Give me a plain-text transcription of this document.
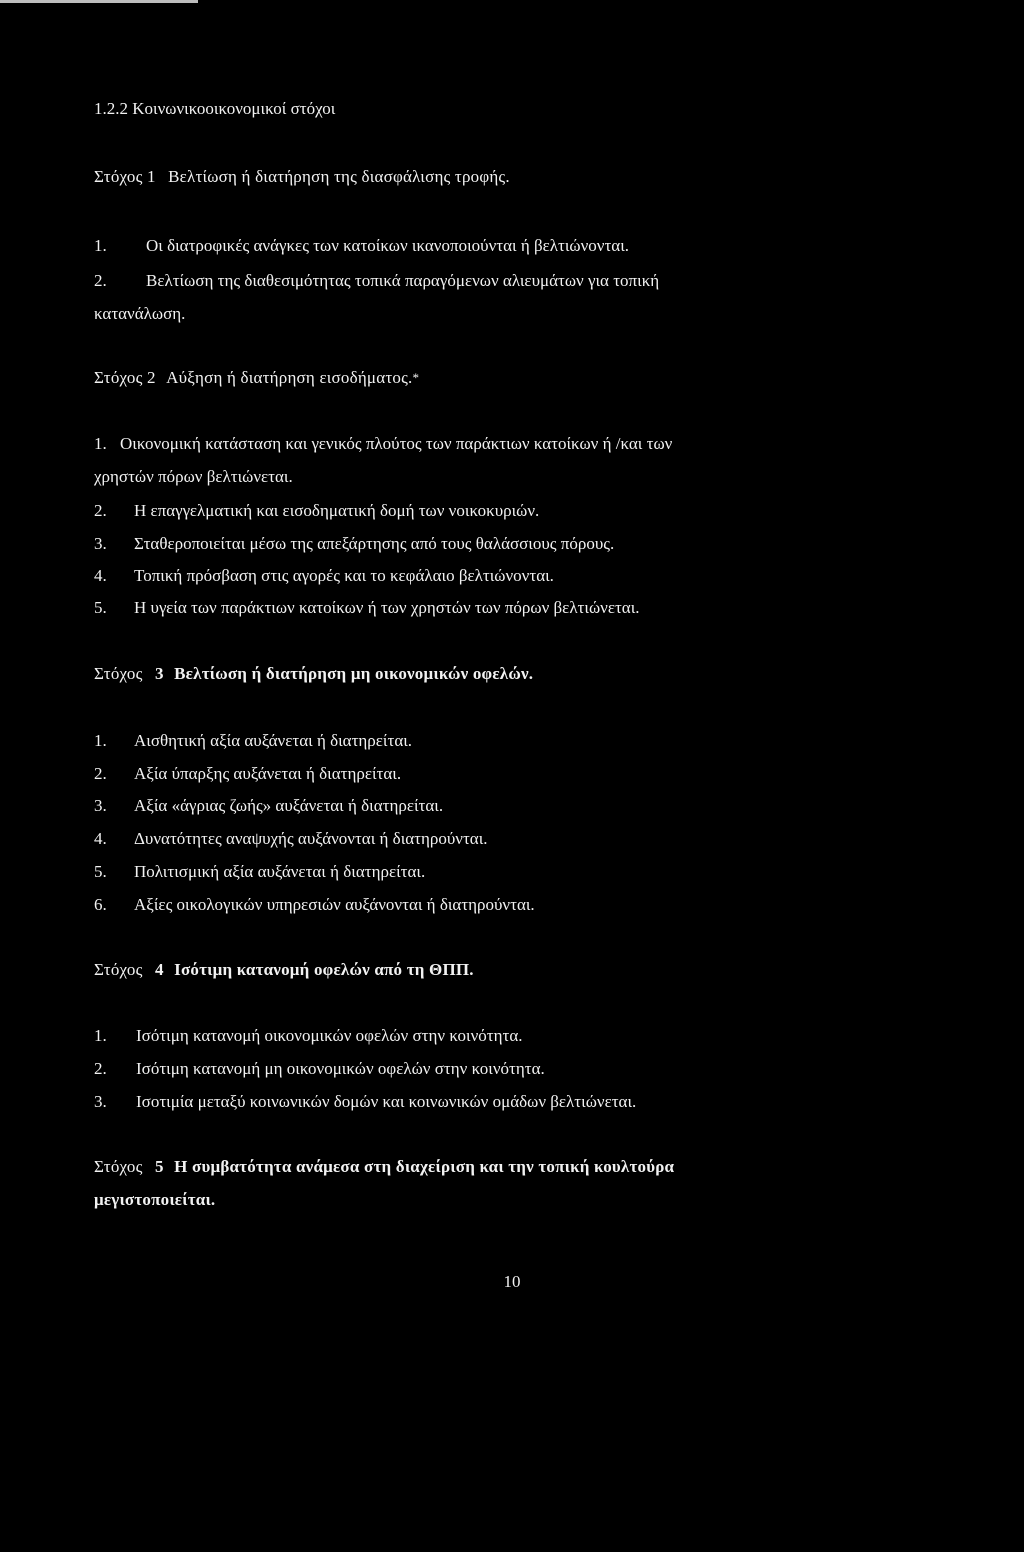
1.2.2 Κοινωνικοοικονομικοί στόχοι
Στόχος 1 Βελτίωση ή διατήρηση της διασφάλισης τροφής.
1. Οι διατροφικές ανάγκες των κατοίκων ικανοποιούνται ή βελτιώνονται.
2. Βελτίωση της διαθεσιμότητας τοπικά παραγόμενων αλιευμάτων για τοπική
κατανάλωση.
Στόχος 2 Αύξηση ή διατήρηση εισοδήματος.*
1. Οικονομική κατάσταση και γενικός πλούτος των παράκτιων κατοίκων ή /και των
χρηστών πόρων βελτιώνεται.
2. Η επαγγελματική και εισοδηματική δομή των νοικοκυριών.
3. Σταθεροποιείται μέσω της απεξάρτησης από τους θαλάσσιους πόρους.
4. Τοπική πρόσβαση στις αγορές και το κεφάλαιο βελτιώνονται.
5. Η υγεία των παράκτιων κατοίκων ή των χρηστών των πόρων βελτιώνεται.
Στόχος 3 Βελτίωση ή διατήρηση μη οικονομικών οφελών.
1. Αισθητική αξία αυξάνεται ή διατηρείται.
2. Αξία ύπαρξης αυξάνεται ή διατηρείται.
3. Αξία «άγριας ζωής» αυξάνεται ή διατηρείται.
4. Δυνατότητες αναψυχής αυξάνονται ή διατηρούνται.
5. Πολιτισμική αξία αυξάνεται ή διατηρείται.
6. Αξίες οικολογικών υπηρεσιών αυξάνονται ή διατηρούνται.
Στόχος 4 Ισότιμη κατανομή οφελών από τη ΘΠΠ.
1. Ισότιμη κατανομή οικονομικών οφελών στην κοινότητα.
2. Ισότιμη κατανομή μη οικονομικών οφελών στην κοινότητα.
3. Ισοτιμία μεταξύ κοινωνικών δομών και κοινωνικών ομάδων βελτιώνεται.
Στόχος 5 Η συμβατότητα ανάμεσα στη διαχείριση και την τοπική κουλτούρα
μεγιστοποιείται.
10
